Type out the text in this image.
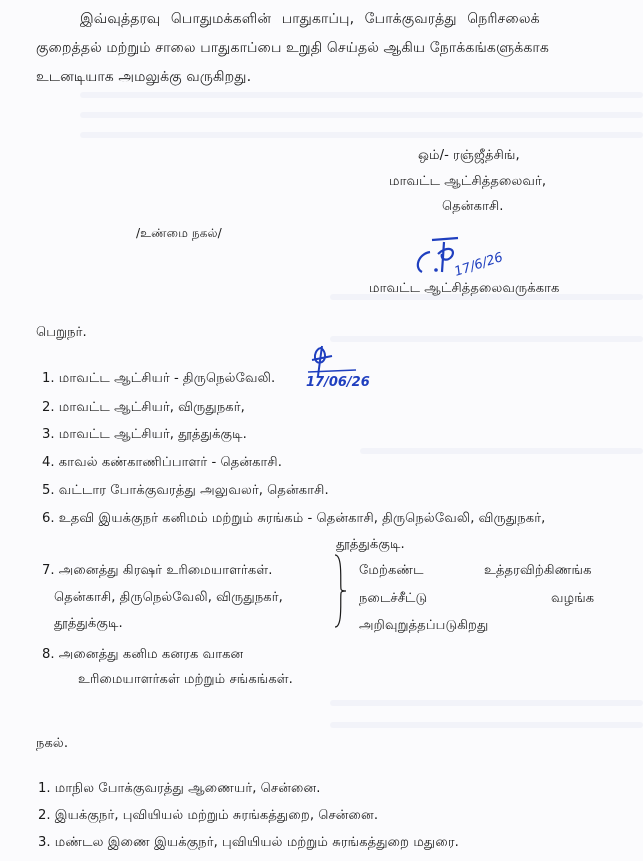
இவ்வுத்தரவு பொதுமக்களின் பாதுகாப்பு, போக்குவரத்து நெரிசலைக்
குறைத்தல் மற்றும் சாலை பாதுகாப்பை உறுதி செய்தல் ஆகிய நோக்கங்களுக்காக
உடனடியாக அமலுக்கு வருகிறது.
ஒம்/- ரஞ்ஜீத்சிங்,
மாவட்ட ஆட்சித்தலைவர்,
தென்காசி.
/உண்மை நகல்/
17/6/26
மாவட்ட ஆட்சித்தலைவருக்காக
பெறுநர்.
17/06/26
1. மாவட்ட ஆட்சியர் - திருநெல்வேலி.
2. மாவட்ட ஆட்சியர், விருதுநகர்,
3. மாவட்ட ஆட்சியர், தூத்துக்குடி.
4. காவல் கண்காணிப்பாளர் - தென்காசி.
5. வட்டார போக்குவரத்து அலுவலர், தென்காசி.
6. உதவி இயக்குநர் கனிமம் மற்றும் சுரங்கம் - தென்காசி, திருநெல்வேலி, விருதுநகர்,
தூத்துக்குடி.
7. அனைத்து கிரஷர் உரிமையாளர்கள்.
தென்காசி, திருநெல்வேலி, விருதுநகர்,
தூத்துக்குடி.
மேற்கண்ட	உத்தரவிற்கிணங்க
நடைச்சீட்டு	வழங்க
அறிவுறுத்தப்படுகிறது
8. அனைத்து கனிம கனரக வாகன
உரிமையாளர்கள் மற்றும் சங்கங்கள்.
நகல்.
1. மாநில போக்குவரத்து ஆணையர், சென்னை.
2. இயக்குநர், புவியியல் மற்றும் சுரங்கத்துறை, சென்னை.
3. மண்டல இணை இயக்குநர், புவியியல் மற்றும் சுரங்கத்துறை மதுரை.
